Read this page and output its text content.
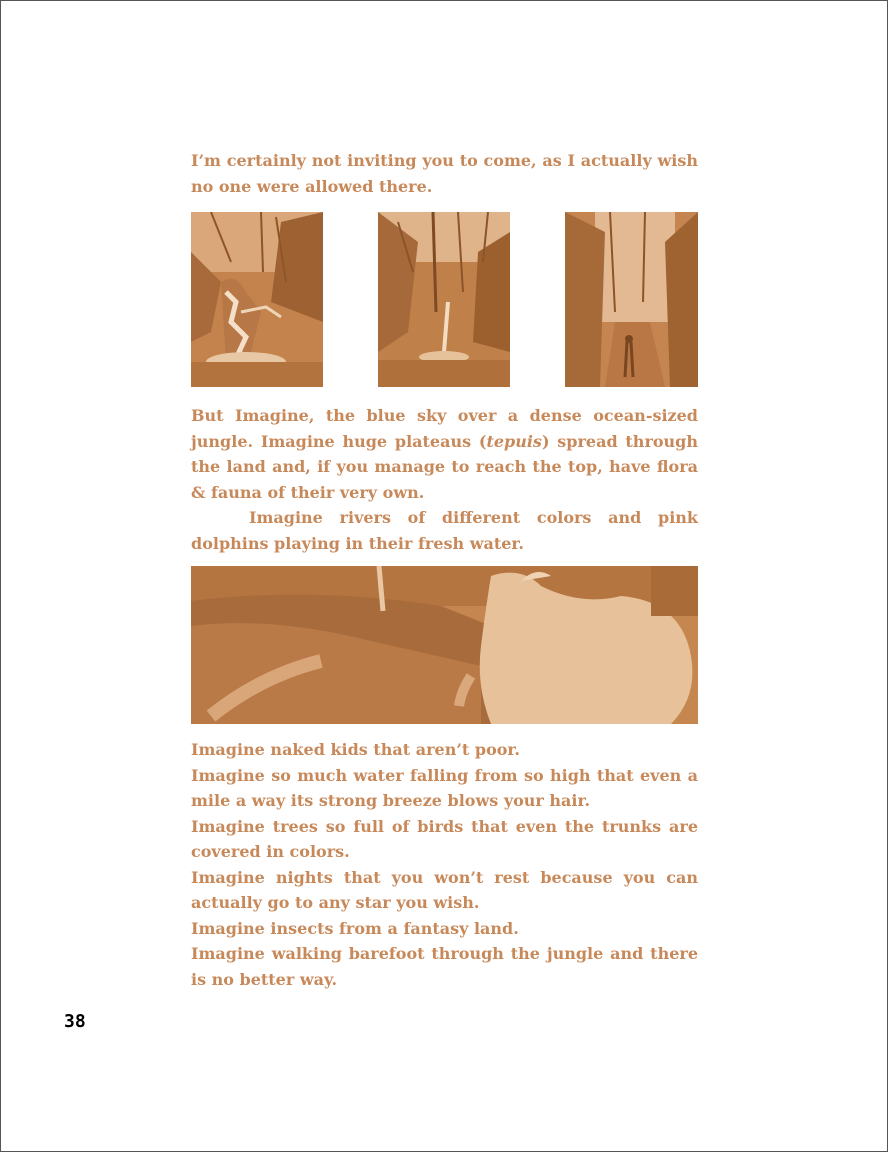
I’m certainly not inviting you to come, as I actually wish no one were allowed there.

But Imagine, the blue sky over a dense ocean-sized jungle. Imagine huge plateaus (tepuis) spread through the land and, if you manage to reach the top, have flora & fauna of their very own.

Imagine rivers of different colors and pink dolphins playing in their fresh water.

Imagine naked kids that aren’t poor.

Imagine so much water falling from so high that even a mile a way its strong breeze blows your hair.

Imagine trees so full of birds that even the trunks are covered in colors.

Imagine nights that you won’t rest because you can actually go to any star you wish.

Imagine insects from a fantasy land.

Imagine walking barefoot through the jungle and there is no better way.

38
